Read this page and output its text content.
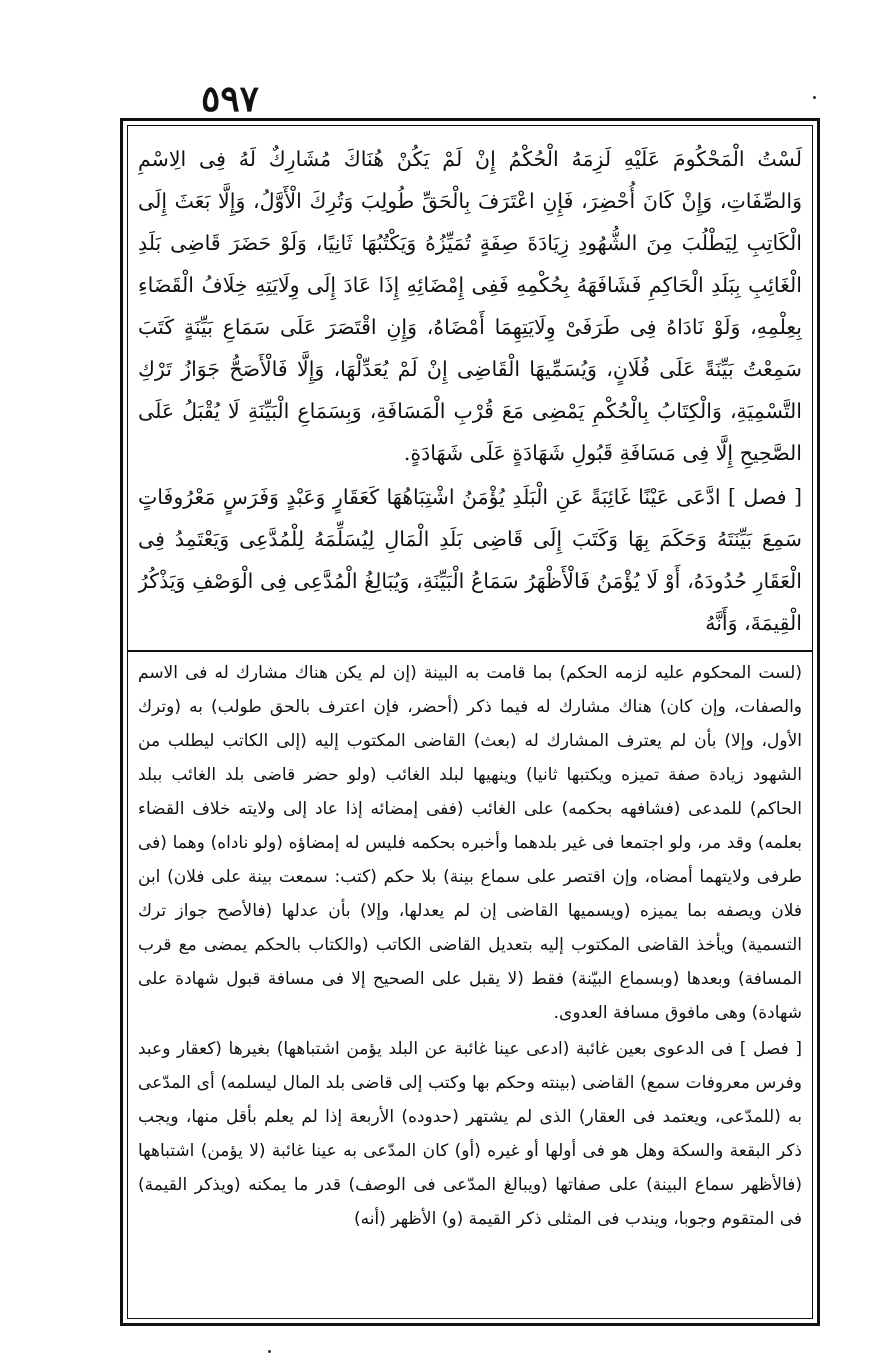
٥٩٧

لَسْتُ الْمَحْكُومَ عَلَيْهِ لَزِمَهُ الْحُكْمُ إِنْ لَمْ يَكُنْ هُنَاكَ مُشَارِكٌ لَهُ فِى الِاسْمِ وَالصِّفَاتِ، وَإِنْ كَانَ أُحْضِرَ، فَإِنِ اعْتَرَفَ بِالْحَقِّ طُولِبَ وَتُرِكَ الْأَوَّلُ، وَإِلَّا بَعَثَ إِلَى الْكَاتِبِ لِيَطْلُبَ مِنَ الشُّهُودِ زِيَادَةَ صِفَةٍ تُمَيِّزُهُ وَيَكْتُبُهَا ثَانِيًا، وَلَوْ حَضَرَ قَاضِى بَلَدِ الْغَائِبِ بِبَلَدِ الْحَاكِمِ فَشَافَهَهُ بِحُكْمِهِ فَفِى إِمْضَائِهِ إِذَا عَادَ إِلَى وِلَايَتِهِ خِلَافُ الْقَضَاءِ بِعِلْمِهِ، وَلَوْ نَادَاهُ فِى طَرَفَىْ وِلَايَتِهِمَا أَمْضَاهُ، وَإِنِ اقْتَصَرَ عَلَى سَمَاعِ بَيِّنَةٍ كَتَبَ سَمِعْتُ بَيِّنَةً عَلَى فُلَانٍ، وَيُسَمِّيهَا الْقَاضِى إِنْ لَمْ يُعَدِّلْهَا، وَإِلَّا فَالْأَصَحُّ جَوَازُ تَرْكِ التَّسْمِيَةِ، وَالْكِتَابُ بِالْحُكْمِ يَمْضِى مَعَ قُرْبِ الْمَسَافَةِ، وَبِسَمَاعِ الْبَيِّنَةِ لَا يُقْبَلُ عَلَى الصَّحِيحِ إِلَّا فِى مَسَافَةِ قَبُولِ شَهَادَةٍ عَلَى شَهَادَةٍ.

[ فصل ] ادَّعَى عَيْنًا غَائِبَةً عَنِ الْبَلَدِ يُؤْمَنُ اشْتِبَاهُهَا كَعَقَارٍ وَعَبْدٍ وَفَرَسٍ مَعْرُوفَاتٍ سَمِعَ بَيِّنَتَهُ وَحَكَمَ بِهَا وَكَتَبَ إِلَى قَاضِى بَلَدِ الْمَالِ لِيُسَلِّمَهُ لِلْمُدَّعِى وَيَعْتَمِدُ فِى الْعَقَارِ حُدُودَهُ، أَوْ لَا يُؤْمَنُ فَالْأَظْهَرُ سَمَاعُ الْبَيِّنَةِ، وَيُبَالِغُ الْمُدَّعِى فِى الْوَصْفِ وَيَذْكُرُ الْقِيمَةَ، وَأَنَّهُ

(لست المحكوم عليه لزمه الحكم) بما قامت به البينة (إن لم يكن هناك مشارك له فى الاسم والصفات، وإن كان) هناك مشارك له فيما ذكر (أحضر، فإن اعترف بالحق طولب) به (وترك الأول، وإلا) بأن لم يعترف المشارك له (بعث) القاضى المكتوب إليه (إلى الكاتب ليطلب من الشهود زيادة صفة تميزه ويكتبها ثانيا) وينهيها لبلد الغائب (ولو حضر قاضى بلد الغائب ببلد الحاكم) للمدعى (فشافهه بحكمه) على الغائب (ففى إمضائه إذا عاد إلى ولايته خلاف القضاء بعلمه) وقد مر، ولو اجتمعا فى غير بلدهما وأخبره بحكمه فليس له إمضاؤه (ولو ناداه) وهما (فى طرفى ولايتهما أمضاه، وإن اقتصر على سماع بينة) بلا حكم (كتب: سمعت بينة على فلان) ابن فلان ويصفه بما يميزه (ويسميها القاضى إن لم يعدلها، وإلا) بأن عدلها (فالأصح جواز ترك التسمية) ويأخذ القاضى المكتوب إليه بتعديل القاضى الكاتب (والكتاب بالحكم يمضى مع قرب المسافة) وبعدها (وبسماع البيّنة) فقط (لا يقبل على الصحيح إلا فى مسافة قبول شهادة على شهادة) وهى مافوق مسافة العدوى.

[ فصل ] فى الدعوى بعين غائبة (ادعى عينا غائبة عن البلد يؤمن اشتباهها) بغيرها (كعقار وعبد وفرس معروفات سمع) القاضى (بينته وحكم بها وكتب إلى قاضى بلد المال ليسلمه) أى المدّعى به (للمدّعى، ويعتمد فى العقار) الذى لم يشتهر (حدوده) الأربعة إذا لم يعلم بأقل منها، ويجب ذكر البقعة والسكة وهل هو فى أولها أو غيره (أو) كان المدّعى به عينا غائبة (لا يؤمن) اشتباهها (فالأظهر سماع البينة) على صفاتها (ويبالغ المدّعى فى الوصف) قدر ما يمكنه (ويذكر القيمة) فى المتقوم وجوبا، ويندب فى المثلى ذكر القيمة (و) الأظهر (أنه)
